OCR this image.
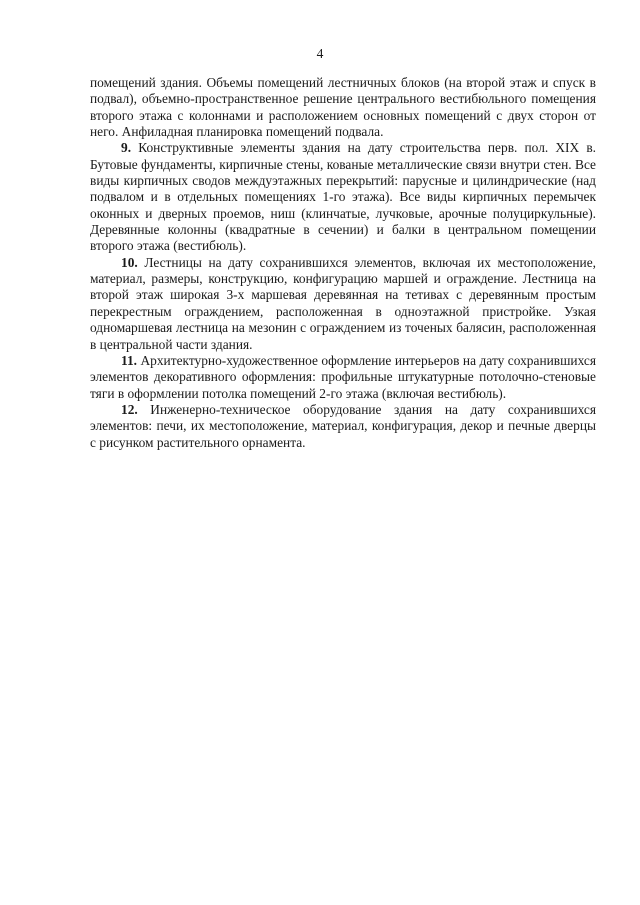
4

помещений здания. Объемы помещений лестничных блоков (на второй этаж и спуск в подвал), объемно-пространственное решение центрального вестибюльного помещения второго этажа с колоннами и расположением основных помещений с двух сторон от него. Анфиладная планировка помещений подвала.

9. Конструктивные элементы здания на дату строительства перв. пол. XIX в. Бутовые фундаменты, кирпичные стены, кованые металлические связи внутри стен. Все виды кирпичных сводов междуэтажных перекрытий: парусные и цилиндрические (над подвалом и в отдельных помещениях 1-го этажа). Все виды кирпичных перемычек оконных и дверных проемов, ниш (клинчатые, лучковые, арочные полуциркульные). Деревянные колонны (квадратные в сечении) и балки в центральном помещении второго этажа (вестибюль).

10. Лестницы на дату сохранившихся элементов, включая их местоположение, материал, размеры, конструкцию, конфигурацию маршей и ограждение. Лестница на второй этаж широкая 3-х маршевая деревянная на тетивах с деревянным простым перекрестным ограждением, расположенная в одноэтажной пристройке. Узкая одномаршевая лестница на мезонин с ограждением из точеных балясин, расположенная в центральной части здания.

11. Архитектурно-художественное оформление интерьеров на дату сохранившихся элементов декоративного оформления: профильные штукатурные потолочно-стеновые тяги в оформлении потолка помещений 2-го этажа (включая вестибюль).

12. Инженерно-техническое оборудование здания на дату сохранившихся элементов: печи, их местоположение, материал, конфигурация, декор и печные дверцы с рисунком растительного орнамента.
